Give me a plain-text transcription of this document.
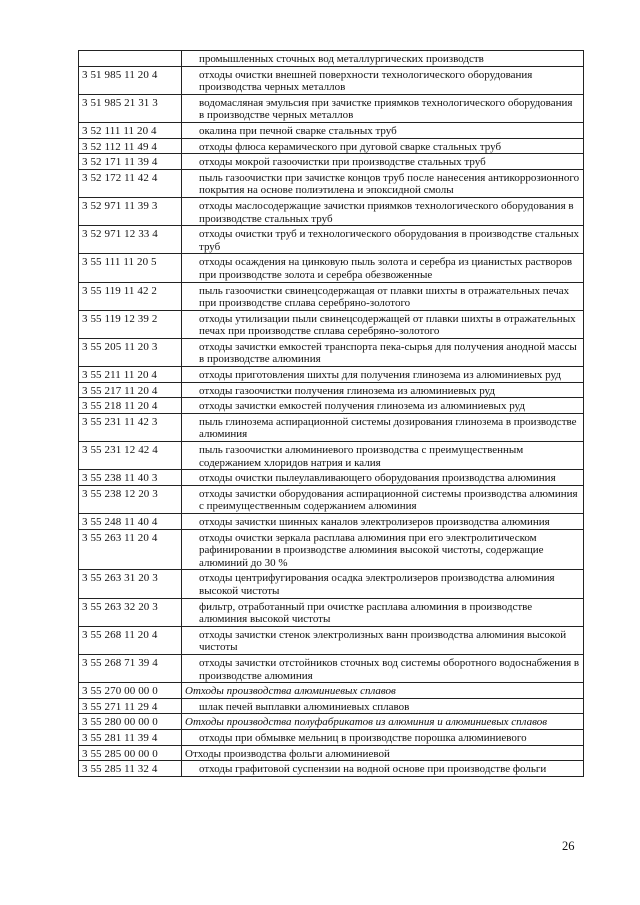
	промышленных сточных вод металлургических производств
3 51 985 11 20 4	отходы очистки внешней поверхности технологического оборудования производства черных металлов
3 51 985 21 31 3	водомасляная эмульсия при зачистке приямков технологического оборудования в производстве черных металлов
3 52 111 11 20 4	окалина при печной сварке стальных труб
3 52 112 11 49 4	отходы флюса керамического при дуговой сварке стальных труб
3 52 171 11 39 4	отходы мокрой газоочистки при производстве стальных труб
3 52 172 11 42 4	пыль газоочистки при зачистке концов труб после нанесения антикоррозионного покрытия на основе полиэтилена и эпоксидной смолы
3 52 971 11 39 3	отходы маслосодержащие зачистки приямков технологического оборудования в производстве стальных труб
3 52 971 12 33 4	отходы очистки труб и технологического оборудования в производстве стальных труб
3 55 111 11 20 5	отходы осаждения на цинковую пыль золота и серебра из цианистых растворов при производстве золота и серебра обезвоженные
3 55 119 11 42 2	пыль газоочистки свинецсодержащая от плавки шихты в отражательных печах при производстве сплава серебряно-золотого
3 55 119 12 39 2	отходы утилизации пыли свинецсодержащей от плавки шихты в отражательных печах при производстве сплава серебряно-золотого
3 55 205 11 20 3	отходы зачистки емкостей транспорта пека-сырья для получения анодной массы в производстве алюминия
3 55 211 11 20 4	отходы приготовления шихты для получения глинозема из алюминиевых руд
3 55 217 11 20 4	отходы газоочистки получения глинозема из алюминиевых руд
3 55 218 11 20 4	отходы зачистки емкостей получения глинозема из алюминиевых руд
3 55 231 11 42 3	пыль глинозема аспирационной системы дозирования глинозема в производстве алюминия
3 55 231 12 42 4	пыль газоочистки алюминиевого производства с преимущественным содержанием хлоридов натрия и калия
3 55 238 11 40 3	отходы очистки пылеулавливающего оборудования производства алюминия
3 55 238 12 20 3	отходы зачистки оборудования аспирационной системы производства алюминия с преимущественным содержанием алюминия
3 55 248 11 40 4	отходы зачистки шинных каналов электролизеров производства алюминия
3 55 263 11 20 4	отходы очистки зеркала расплава алюминия при его электролитическом рафинировании в производстве алюминия высокой чистоты, содержащие алюминий до 30 %
3 55 263 31 20 3	отходы центрифугирования осадка электролизеров производства алюминия высокой чистоты
3 55 263 32 20 3	фильтр, отработанный при очистке расплава алюминия в производстве алюминия высокой чистоты
3 55 268 11 20 4	отходы зачистки стенок электролизных ванн производства алюминия высокой чистоты
3 55 268 71 39 4	отходы зачистки отстойников сточных вод системы оборотного водоснабжения в производстве алюминия
3 55 270 00 00 0	Отходы производства алюминиевых сплавов
3 55 271 11 29 4	шлак печей выплавки алюминиевых сплавов
3 55 280 00 00 0	Отходы производства полуфабрикатов из алюминия и алюминиевых сплавов
3 55 281 11 39 4	отходы при обмывке мельниц в производстве порошка алюминиевого
3 55 285 00 00 0	Отходы производства фольги алюминиевой
3 55 285 11 32 4	отходы графитовой суспензии на водной основе при производстве фольги
26
